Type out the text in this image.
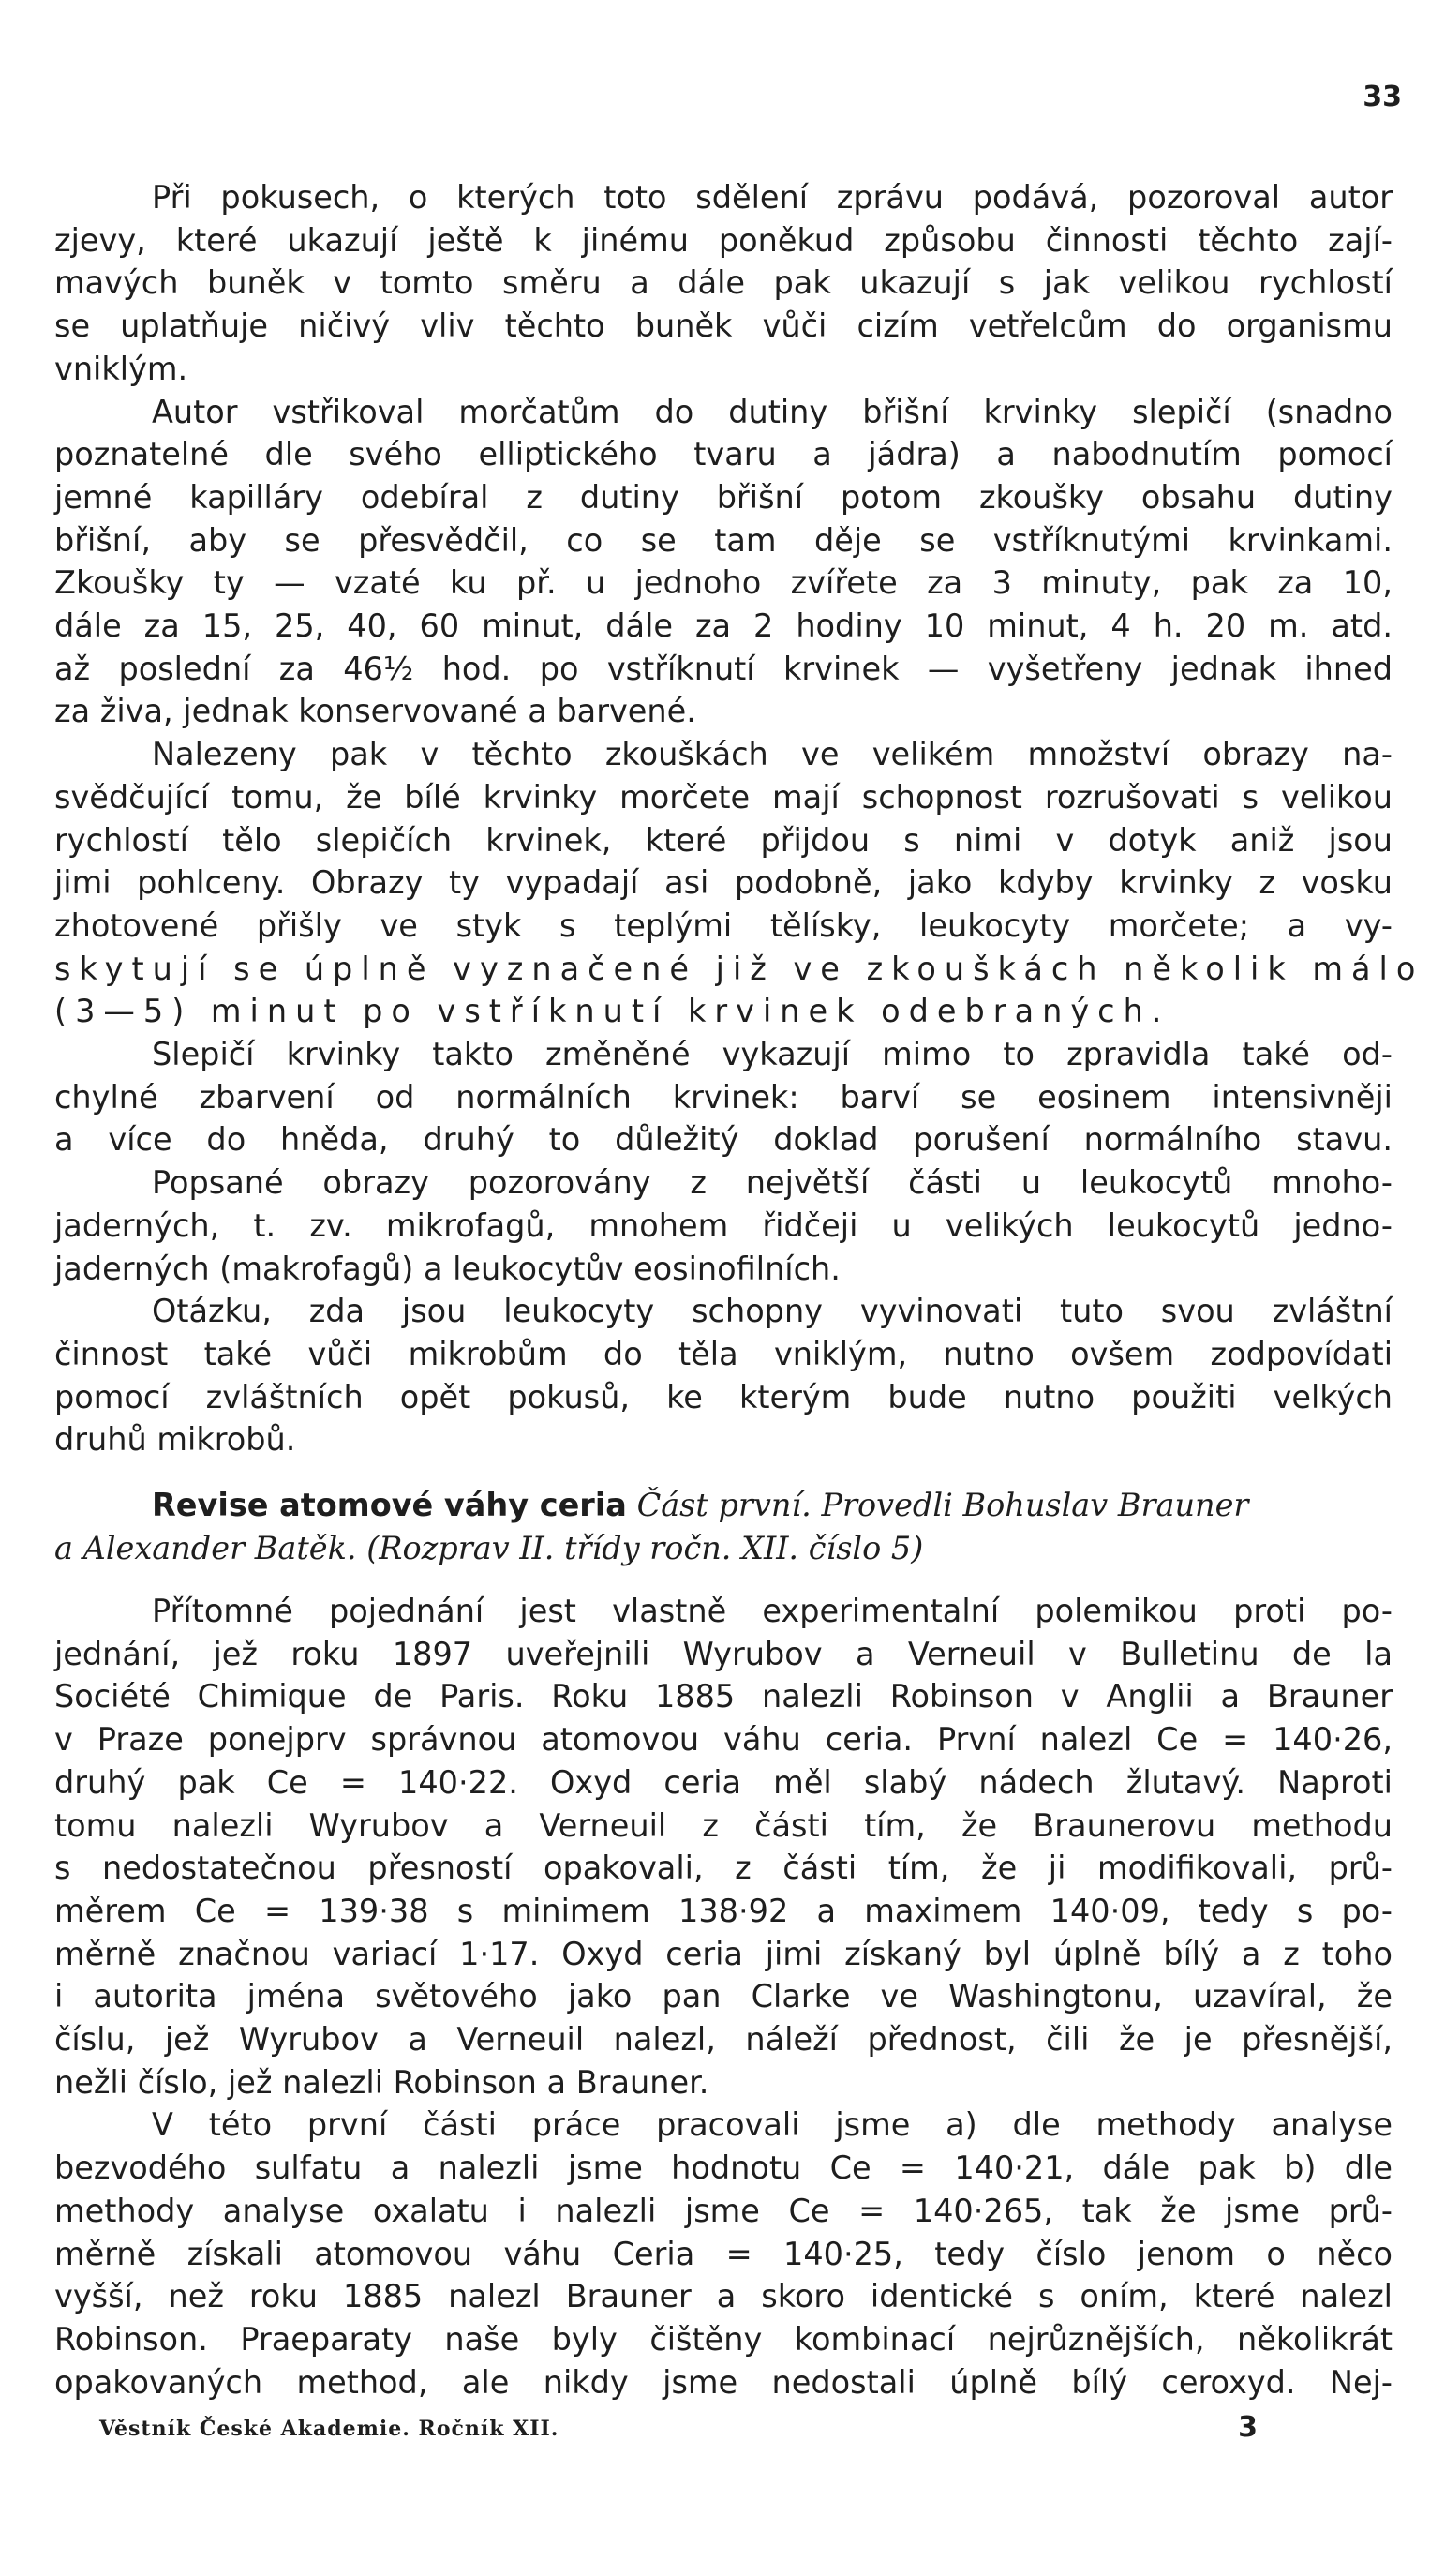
33
Při pokusech, o kterých toto sdělení zprávu podává, pozoroval autor
zjevy, které ukazují ještě k jinému poněkud způsobu činnosti těchto zají-
mavých buněk v tomto směru a dále pak ukazují s jak velikou rychlostí
se uplatňuje ničivý vliv těchto buněk vůči cizím vetřelcům do organismu
vniklým.
Autor vstřikoval morčatům do dutiny břišní krvinky slepičí (snadno
poznatelné dle svého elliptického tvaru a jádra) a nabodnutím pomocí
jemné kapilláry odebíral z dutiny břišní potom zkoušky obsahu dutiny
břišní, aby se přesvědčil, co se tam děje se vstříknutými krvinkami.
Zkoušky ty — vzaté ku př. u jednoho zvířete za 3 minuty, pak za 10,
dále za 15, 25, 40, 60 minut, dále za 2 hodiny 10 minut, 4 h. 20 m. atd.
až poslední za 46½ hod. po vstříknutí krvinek — vyšetřeny jednak ihned
za živa, jednak konservované a barvené.
Nalezeny pak v těchto zkouškách ve velikém množství obrazy na-
svědčující tomu, že bílé krvinky morčete mají schopnost rozrušovati s velikou
rychlostí tělo slepičích krvinek, které přijdou s nimi v dotyk aniž jsou
jimi pohlceny. Obrazy ty vypadají asi podobně, jako kdyby krvinky z vosku
zhotovené přišly ve styk s teplými tělísky, leukocyty morčete; a vy-
skytují se úplně vyznačené již ve zkouškách několik málo
(3—5) minut po vstříknutí krvinek odebraných.
Slepičí krvinky takto změněné vykazují mimo to zpravidla také od-
chylné zbarvení od normálních krvinek: barví se eosinem intensivněji
a více do hněda, druhý to důležitý doklad porušení normálního stavu.
Popsané obrazy pozorovány z největší části u leukocytů mnoho-
jaderných, t. zv. mikrofagů, mnohem řidčeji u velikých leukocytů jedno-
jaderných (makrofagů) a leukocytův eosinofilních.
Otázku, zda jsou leukocyty schopny vyvinovati tuto svou zvláštní
činnost také vůči mikrobům do těla vniklým, nutno ovšem zodpovídati
pomocí zvláštních opět pokusů, ke kterým bude nutno použiti velkých
druhů mikrobů.
Revise atomové váhy ceria Část první. Provedli Bohuslav Brauner
a Alexander Batěk. (Rozprav II. třídy ročn. XII. číslo 5)
Přítomné pojednání jest vlastně experimentalní polemikou proti po-
jednání, jež roku 1897 uveřejnili Wyrubov a Verneuil v Bulletinu de la
Société Chimique de Paris. Roku 1885 nalezli Robinson v Anglii a Brauner
v Praze ponejprv správnou atomovou váhu ceria. První nalezl Ce = 140·26,
druhý pak Ce = 140·22. Oxyd ceria měl slabý nádech žlutavý. Naproti
tomu nalezli Wyrubov a Verneuil z části tím, že Braunerovu methodu
s nedostatečnou přesností opakovali, z části tím, že ji modifikovali, prů-
měrem Ce = 139·38 s minimem 138·92 a maximem 140·09, tedy s po-
měrně značnou variací 1·17. Oxyd ceria jimi získaný byl úplně bílý a z toho
i autorita jména světového jako pan Clarke ve Washingtonu, uzavíral, že
číslu, jež Wyrubov a Verneuil nalezl, náleží přednost, čili že je přesnější,
nežli číslo, jež nalezli Robinson a Brauner.
V této první části práce pracovali jsme a) dle methody analyse
bezvodého sulfatu a nalezli jsme hodnotu Ce = 140·21, dále pak b) dle
methody analyse oxalatu i nalezli jsme Ce = 140·265, tak že jsme prů-
měrně získali atomovou váhu Ceria = 140·25, tedy číslo jenom o něco
vyšší, než roku 1885 nalezl Brauner a skoro identické s oním, které nalezl
Robinson. Praeparaty naše byly čištěny kombinací nejrůznějších, několikrát
opakovaných method, ale nikdy jsme nedostali úplně bílý ceroxyd. Nej-
Věstník České Akademie. Ročník XII.	3
